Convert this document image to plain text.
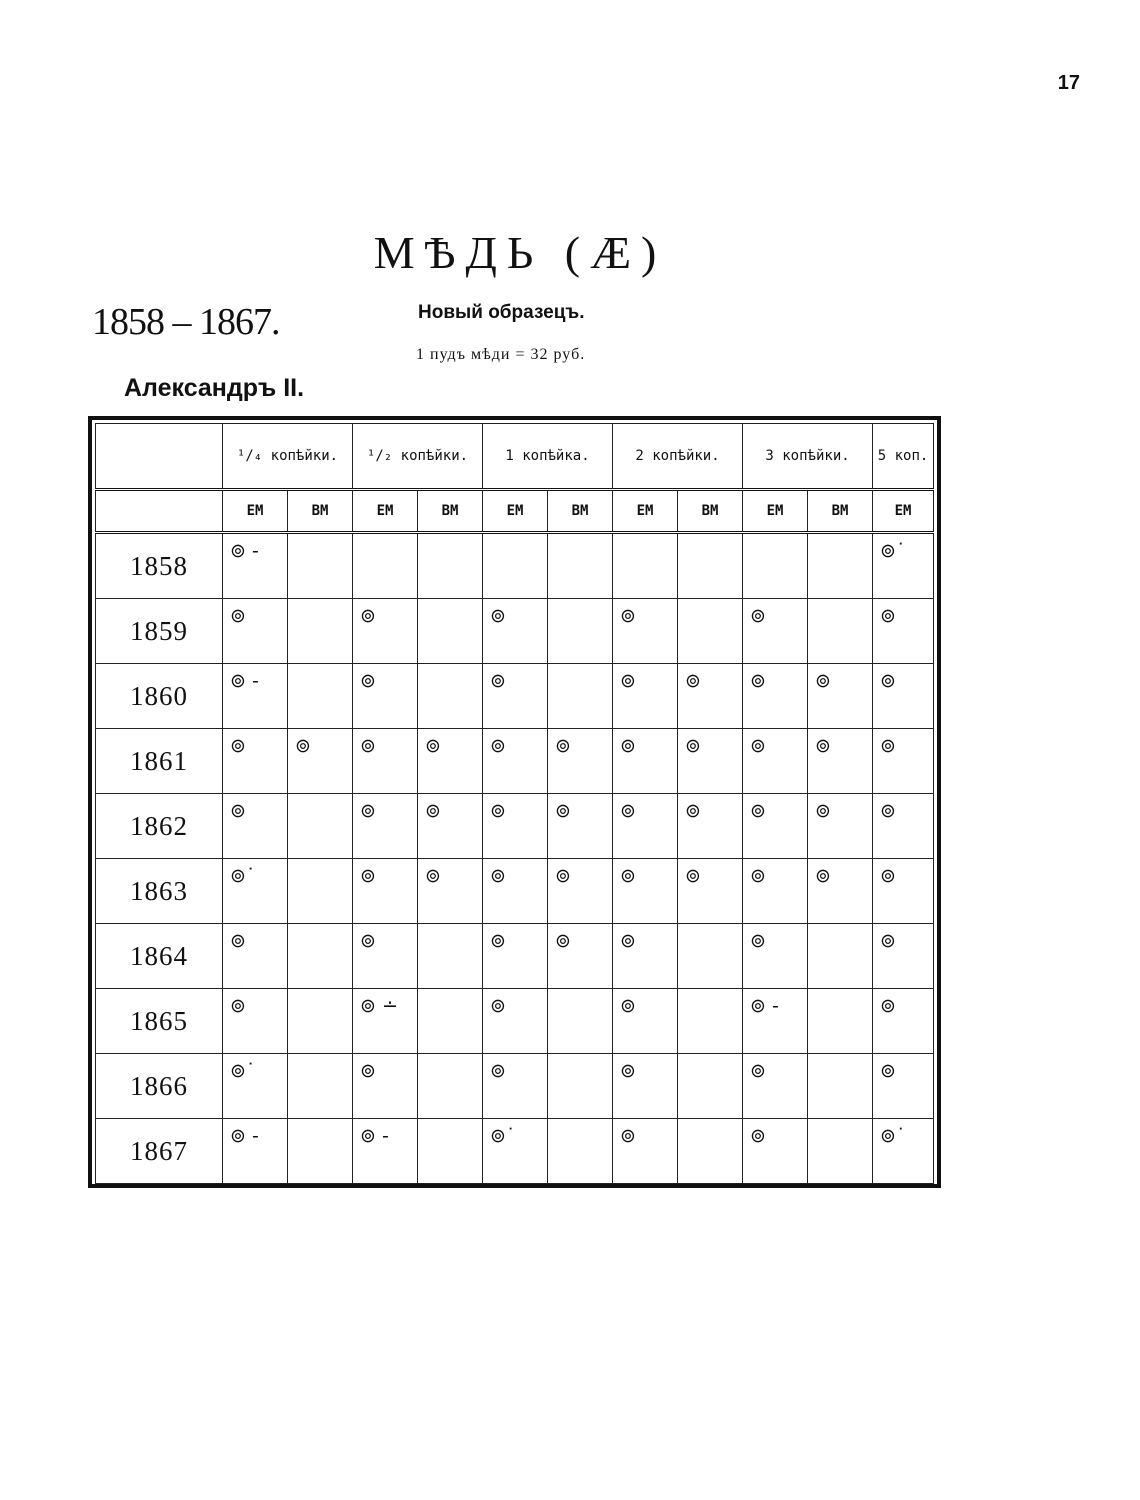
17
МѢДЬ (Æ)
1858 – 1867.	Новый образецъ.
1 пудъ мѣди = 32 руб.
Александръ II.
	¹/₄ копѣйки.		¹/₂ копѣйки.		1 копѣйка.		2 копѣйки.		3 копѣйки.		5 коп.
	ЕМ	ВМ	ЕМ	ВМ	ЕМ	ВМ	ЕМ	ВМ	ЕМ	ВМ	ЕМ
1858	⊚ -										⊚˙
1859	⊚		⊚		⊚		⊚		⊚		⊚
1860	⊚ -		⊚		⊚		⊚	⊚	⊚	⊚	⊚
1861	⊚	⊚	⊚	⊚	⊚	⊚	⊚	⊚	⊚	⊚	⊚
1862	⊚		⊚	⊚	⊚	⊚	⊚	⊚	⊚	⊚	⊚
1863	⊚˙		⊚	⊚	⊚	⊚	⊚	⊚	⊚	⊚	⊚
1864	⊚		⊚		⊚	⊚	⊚		⊚		⊚
1865	⊚		⊚ ∸		⊚		⊚		⊚ -		⊚
1866	⊚˙		⊚		⊚		⊚		⊚		⊚
1867	⊚ -		⊚ -		⊚˙		⊚		⊚		⊚˙
